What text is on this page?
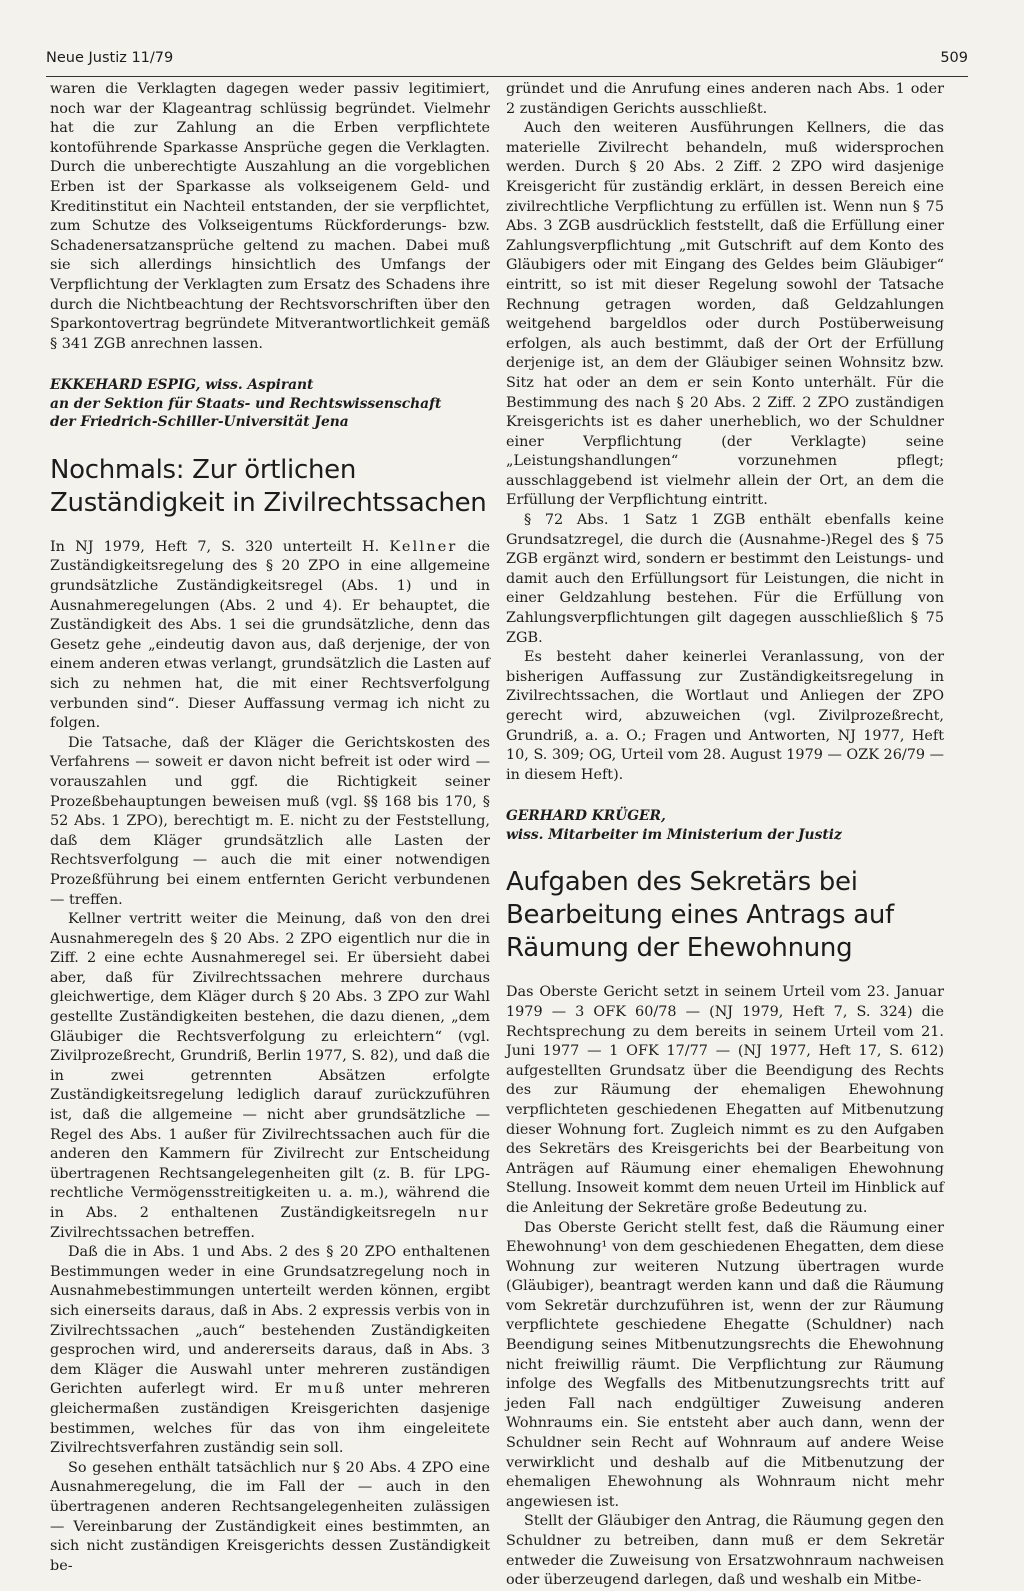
Neue Justiz 11/79	509

waren die Verklagten dagegen weder passiv legitimiert, noch war der Klageantrag schlüssig begründet. Vielmehr hat die zur Zahlung an die Erben verpflichtete kontoführende Sparkasse Ansprüche gegen die Verklagten. Durch die unberechtigte Auszahlung an die vorgeblichen Erben ist der Sparkasse als volkseigenem Geld- und Kreditinstitut ein Nachteil entstanden, der sie verpflichtet, zum Schutze des Volkseigentums Rückforderungs- bzw. Schadenersatzansprüche geltend zu machen. Dabei muß sie sich allerdings hinsichtlich des Umfangs der Verpflichtung der Verklagten zum Ersatz des Schadens ihre durch die Nichtbeachtung der Rechtsvorschriften über den Sparkontovertrag begründete Mitverantwortlichkeit gemäß § 341 ZGB anrechnen lassen.

EKKEHARD ESPIG, wiss. Aspirant
an der Sektion für Staats- und Rechtswissenschaft
der Friedrich-Schiller-Universität Jena
Nochmals: Zur örtlichen Zuständigkeit in Zivilrechtssachen

In NJ 1979, Heft 7, S. 320 unterteilt H. Kellner die Zuständigkeitsregelung des § 20 ZPO in eine allgemeine grundsätzliche Zuständigkeitsregel (Abs. 1) und in Ausnahmeregelungen (Abs. 2 und 4). Er behauptet, die Zuständigkeit des Abs. 1 sei die grundsätzliche, denn das Gesetz gehe „eindeutig davon aus, daß derjenige, der von einem anderen etwas verlangt, grundsätzlich die Lasten auf sich zu nehmen hat, die mit einer Rechtsverfolgung verbunden sind“. Dieser Auffassung vermag ich nicht zu folgen.

Die Tatsache, daß der Kläger die Gerichtskosten des Verfahrens — soweit er davon nicht befreit ist oder wird — vorauszahlen und ggf. die Richtigkeit seiner Prozeßbehauptungen beweisen muß (vgl. §§ 168 bis 170, § 52 Abs. 1 ZPO), berechtigt m. E. nicht zu der Feststellung, daß dem Kläger grundsätzlich alle Lasten der Rechtsverfolgung — auch die mit einer notwendigen Prozeßführung bei einem entfernten Gericht verbundenen — treffen.

Kellner vertritt weiter die Meinung, daß von den drei Ausnahmeregeln des § 20 Abs. 2 ZPO eigentlich nur die in Ziff. 2 eine echte Ausnahmeregel sei. Er übersieht dabei aber, daß für Zivilrechtssachen mehrere durchaus gleichwertige, dem Kläger durch § 20 Abs. 3 ZPO zur Wahl gestellte Zuständigkeiten bestehen, die dazu dienen, „dem Gläubiger die Rechtsverfolgung zu erleichtern“ (vgl. Zivilprozeßrecht, Grundriß, Berlin 1977, S. 82), und daß die in zwei getrennten Absätzen erfolgte Zuständigkeitsregelung lediglich darauf zurückzuführen ist, daß die allgemeine — nicht aber grundsätzliche — Regel des Abs. 1 außer für Zivilrechtssachen auch für die anderen den Kammern für Zivilrecht zur Entscheidung übertragenen Rechtsangelegenheiten gilt (z. B. für LPG-rechtliche Vermögensstreitigkeiten u. a. m.), während die in Abs. 2 enthaltenen Zuständigkeitsregeln nur Zivilrechtssachen betreffen.

Daß die in Abs. 1 und Abs. 2 des § 20 ZPO enthaltenen Bestimmungen weder in eine Grundsatzregelung noch in Ausnahmebestimmungen unterteilt werden können, ergibt sich einerseits daraus, daß in Abs. 2 expressis verbis von in Zivilrechtssachen „auch“ bestehenden Zuständigkeiten gesprochen wird, und andererseits daraus, daß in Abs. 3 dem Kläger die Auswahl unter mehreren zuständigen Gerichten auferlegt wird. Er muß unter mehreren gleichermaßen zuständigen Kreisgerichten dasjenige bestimmen, welches für das von ihm eingeleitete Zivilrechtsverfahren zuständig sein soll.

So gesehen enthält tatsächlich nur § 20 Abs. 4 ZPO eine Ausnahmeregelung, die im Fall der — auch in den übertragenen anderen Rechtsangelegenheiten zulässigen — Vereinbarung der Zuständigkeit eines bestimmten, an sich nicht zuständigen Kreisgerichts dessen Zuständigkeit be-

gründet und die Anrufung eines anderen nach Abs. 1 oder 2 zuständigen Gerichts ausschließt.

Auch den weiteren Ausführungen Kellners, die das materielle Zivilrecht behandeln, muß widersprochen werden. Durch § 20 Abs. 2 Ziff. 2 ZPO wird dasjenige Kreisgericht für zuständig erklärt, in dessen Bereich eine zivilrechtliche Verpflichtung zu erfüllen ist. Wenn nun § 75 Abs. 3 ZGB ausdrücklich feststellt, daß die Erfüllung einer Zahlungsverpflichtung „mit Gutschrift auf dem Konto des Gläubigers oder mit Eingang des Geldes beim Gläubiger“ eintritt, so ist mit dieser Regelung sowohl der Tatsache Rechnung getragen worden, daß Geldzahlungen weitgehend bargeldlos oder durch Postüberweisung erfolgen, als auch bestimmt, daß der Ort der Erfüllung derjenige ist, an dem der Gläubiger seinen Wohnsitz bzw. Sitz hat oder an dem er sein Konto unterhält. Für die Bestimmung des nach § 20 Abs. 2 Ziff. 2 ZPO zuständigen Kreisgerichts ist es daher unerheblich, wo der Schuldner einer Verpflichtung (der Verklagte) seine „Leistungshandlungen“ vorzunehmen pflegt; ausschlaggebend ist vielmehr allein der Ort, an dem die Erfüllung der Verpflichtung eintritt.

§ 72 Abs. 1 Satz 1 ZGB enthält ebenfalls keine Grundsatzregel, die durch die (Ausnahme-)Regel des § 75 ZGB ergänzt wird, sondern er bestimmt den Leistungs- und damit auch den Erfüllungsort für Leistungen, die nicht in einer Geldzahlung bestehen. Für die Erfüllung von Zahlungsverpflichtungen gilt dagegen ausschließlich § 75 ZGB.

Es besteht daher keinerlei Veranlassung, von der bisherigen Auffassung zur Zuständigkeitsregelung in Zivilrechtssachen, die Wortlaut und Anliegen der ZPO gerecht wird, abzuweichen (vgl. Zivilprozeßrecht, Grundriß, a. a. O.; Fragen und Antworten, NJ 1977, Heft 10, S. 309; OG, Urteil vom 28. August 1979 — OZK 26/79 — in diesem Heft).

GERHARD KRÜGER,
wiss. Mitarbeiter im Ministerium der Justiz
Aufgaben des Sekretärs bei Bearbeitung eines Antrags auf Räumung der Ehewohnung

Das Oberste Gericht setzt in seinem Urteil vom 23. Januar 1979 — 3 OFK 60/78 — (NJ 1979, Heft 7, S. 324) die Rechtsprechung zu dem bereits in seinem Urteil vom 21. Juni 1977 — 1 OFK 17/77 — (NJ 1977, Heft 17, S. 612) aufgestellten Grundsatz über die Beendigung des Rechts des zur Räumung der ehemaligen Ehewohnung verpflichteten geschiedenen Ehegatten auf Mitbenutzung dieser Wohnung fort. Zugleich nimmt es zu den Aufgaben des Sekretärs des Kreisgerichts bei der Bearbeitung von Anträgen auf Räumung einer ehemaligen Ehewohnung Stellung. Insoweit kommt dem neuen Urteil im Hinblick auf die Anleitung der Sekretäre große Bedeutung zu.

Das Oberste Gericht stellt fest, daß die Räumung einer Ehewohnung¹ von dem geschiedenen Ehegatten, dem diese Wohnung zur weiteren Nutzung übertragen wurde (Gläubiger), beantragt werden kann und daß die Räumung vom Sekretär durchzuführen ist, wenn der zur Räumung verpflichtete geschiedene Ehegatte (Schuldner) nach Beendigung seines Mitbenutzungsrechts die Ehewohnung nicht freiwillig räumt. Die Verpflichtung zur Räumung infolge des Wegfalls des Mitbenutzungsrechts tritt auf jeden Fall nach endgültiger Zuweisung anderen Wohnraums ein. Sie entsteht aber auch dann, wenn der Schuldner sein Recht auf Wohnraum auf andere Weise verwirklicht und deshalb auf die Mitbenutzung der ehemaligen Ehewohnung als Wohnraum nicht mehr angewiesen ist.

Stellt der Gläubiger den Antrag, die Räumung gegen den Schuldner zu betreiben, dann muß er dem Sekretär entweder die Zuweisung von Ersatzwohnraum nachweisen oder überzeugend darlegen, daß und weshalb ein Mitbe-
